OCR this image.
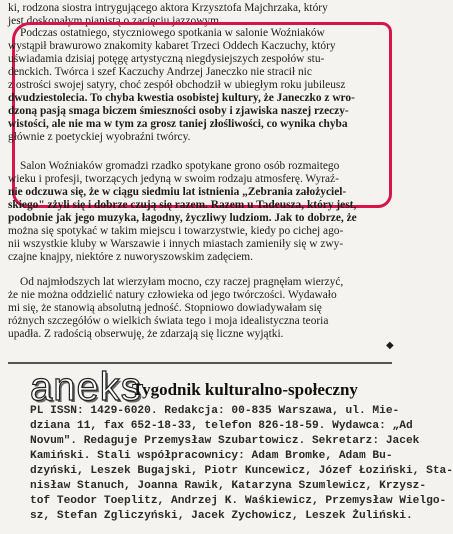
ki, rodzona siostra intrygującego aktora Krzysztofa Majchrzaka, który
jest doskonałym pianistą o zacięciu jazzowym.
Podczas ostatniego, styczniowego spotkania w salonie Woźniaków
wystąpił brawurowo znakomity kabaret Trzeci Oddech Kaczuchy, który
uświadamia dzisiaj potęgę artystyczną niegdysiejszych zespołów stu-
denckich. Twórca i szef Kaczuchy Andrzej Janeczko nie stracił nic
z ostrości swojej satyry, choć zespół obchodził w ubiegłym roku jubileusz
dwudziestolecia. To chyba kwestia osobistej kultury, że Janeczko z wro-
dzoną pasją smaga biczem śmieszności osoby i zjawiska naszej rzeczy-
wistości, ale nie ma w tym za grosz taniej złośliwości, co wynika chyba
głównie z poetyckiej wyobraźni twórcy.
Salon Woźniaków gromadzi rzadko spotykane grono osób rozmaitego
wieku i profesji, tworzących jedyną w swoim rodzaju atmosferę. Wyraź-
nie odczuwa się, że w ciągu siedmiu lat istnienia „Zebrania założyciel-
skiego" zżyli się i dobrze czują się razem. Razem u Tadeusza, który jest,
podobnie jak jego muzyka, łagodny, życzliwy ludziom. Jak to dobrze, że
można się spotykać w takim miejscu i towarzystwie, kiedy po cichej ago-
nii wszystkie kluby w Warszawie i innych miastach zamieniły się w zwy-
czajne knajpy, niektóre z nuworyszowskim zadęciem.
Od najmłodszych lat wierzyłam mocno, czy raczej pragnęłam wierzyć,
że nie można oddzielić natury człowieka od jego twórczości. Wydawało
mi się, że stanowią absolutną jedność. Stopniowo dowiadywałam się
różnych szczegółów o wielkich świata tego i moja idealistyczna teoria
upadła. Z radością obserwuję, że zdarzają się liczne wyjątki.
◆
aneks
Tygodnik kulturalno-społeczny
PL ISSN: 1429-6020. Redakcja: 00-835 Warszawa, ul. Mie-
dziana 11, fax 652-18-33, telefon 826-18-59. Wydawca: „Ad
Novum". Redaguje Przemysław Szubartowicz. Sekretarz: Jacek
Kamiński. Stali współpracownicy: Adam Bromke, Adam Bu-
dzyński, Leszek Bugajski, Piotr Kuncewicz, Józef Łoziński, Sta-
nisław Stanuch, Joanna Rawik, Katarzyna Szumlewicz, Krzysz-
tof Teodor Toeplitz, Andrzej K. Waśkiewicz, Przemysław Wielgo-
sz, Stefan Zgliczyński, Jacek Zychowicz, Leszek Żuliński.
